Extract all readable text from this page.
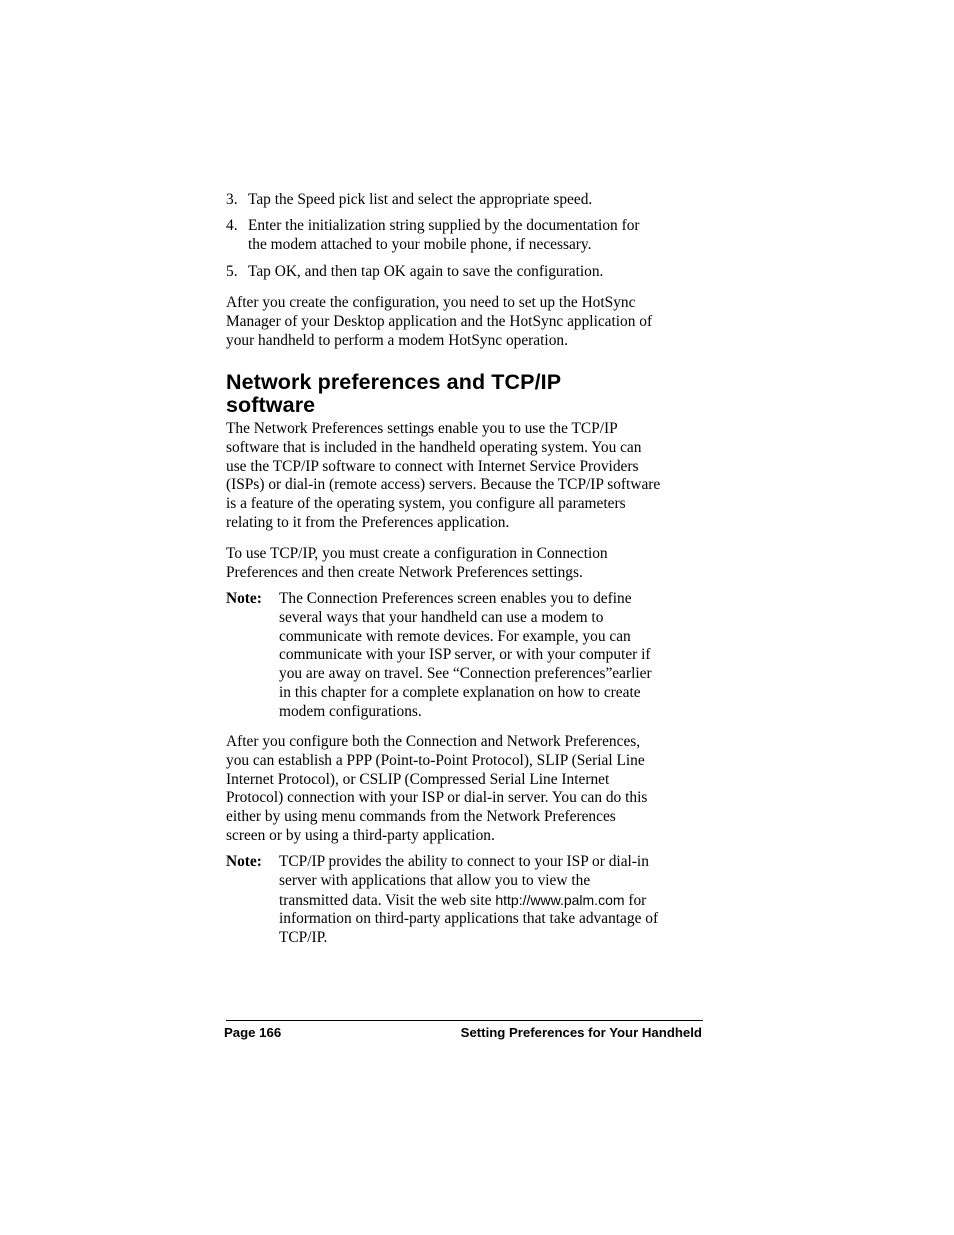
3. Tap the Speed pick list and select the appropriate speed.
4. Enter the initialization string supplied by the documentation for
the modem attached to your mobile phone, if necessary.
5. Tap OK, and then tap OK again to save the configuration.
After you create the configuration, you need to set up the HotSync
Manager of your Desktop application and the HotSync application of
your handheld to perform a modem HotSync operation.
Network preferences and TCP/IP
software
The Network Preferences settings enable you to use the TCP/IP
software that is included in the handheld operating system. You can
use the TCP/IP software to connect with Internet Service Providers
(ISPs) or dial-in (remote access) servers. Because the TCP/IP software
is a feature of the operating system, you configure all parameters
relating to it from the Preferences application.
To use TCP/IP, you must create a configuration in Connection
Preferences and then create Network Preferences settings.
Note: The Connection Preferences screen enables you to define
several ways that your handheld can use a modem to
communicate with remote devices. For example, you can
communicate with your ISP server, or with your computer if
you are away on travel. See “Connection preferences”earlier
in this chapter for a complete explanation on how to create
modem configurations.
After you configure both the Connection and Network Preferences,
you can establish a PPP (Point-to-Point Protocol), SLIP (Serial Line
Internet Protocol), or CSLIP (Compressed Serial Line Internet
Protocol) connection with your ISP or dial-in server. You can do this
either by using menu commands from the Network Preferences
screen or by using a third-party application.
Note: TCP/IP provides the ability to connect to your ISP or dial-in
server with applications that allow you to view the
transmitted data. Visit the web site http://www.palm.com for
information on third-party applications that take advantage of
TCP/IP.
Page 166	Setting Preferences for Your Handheld
